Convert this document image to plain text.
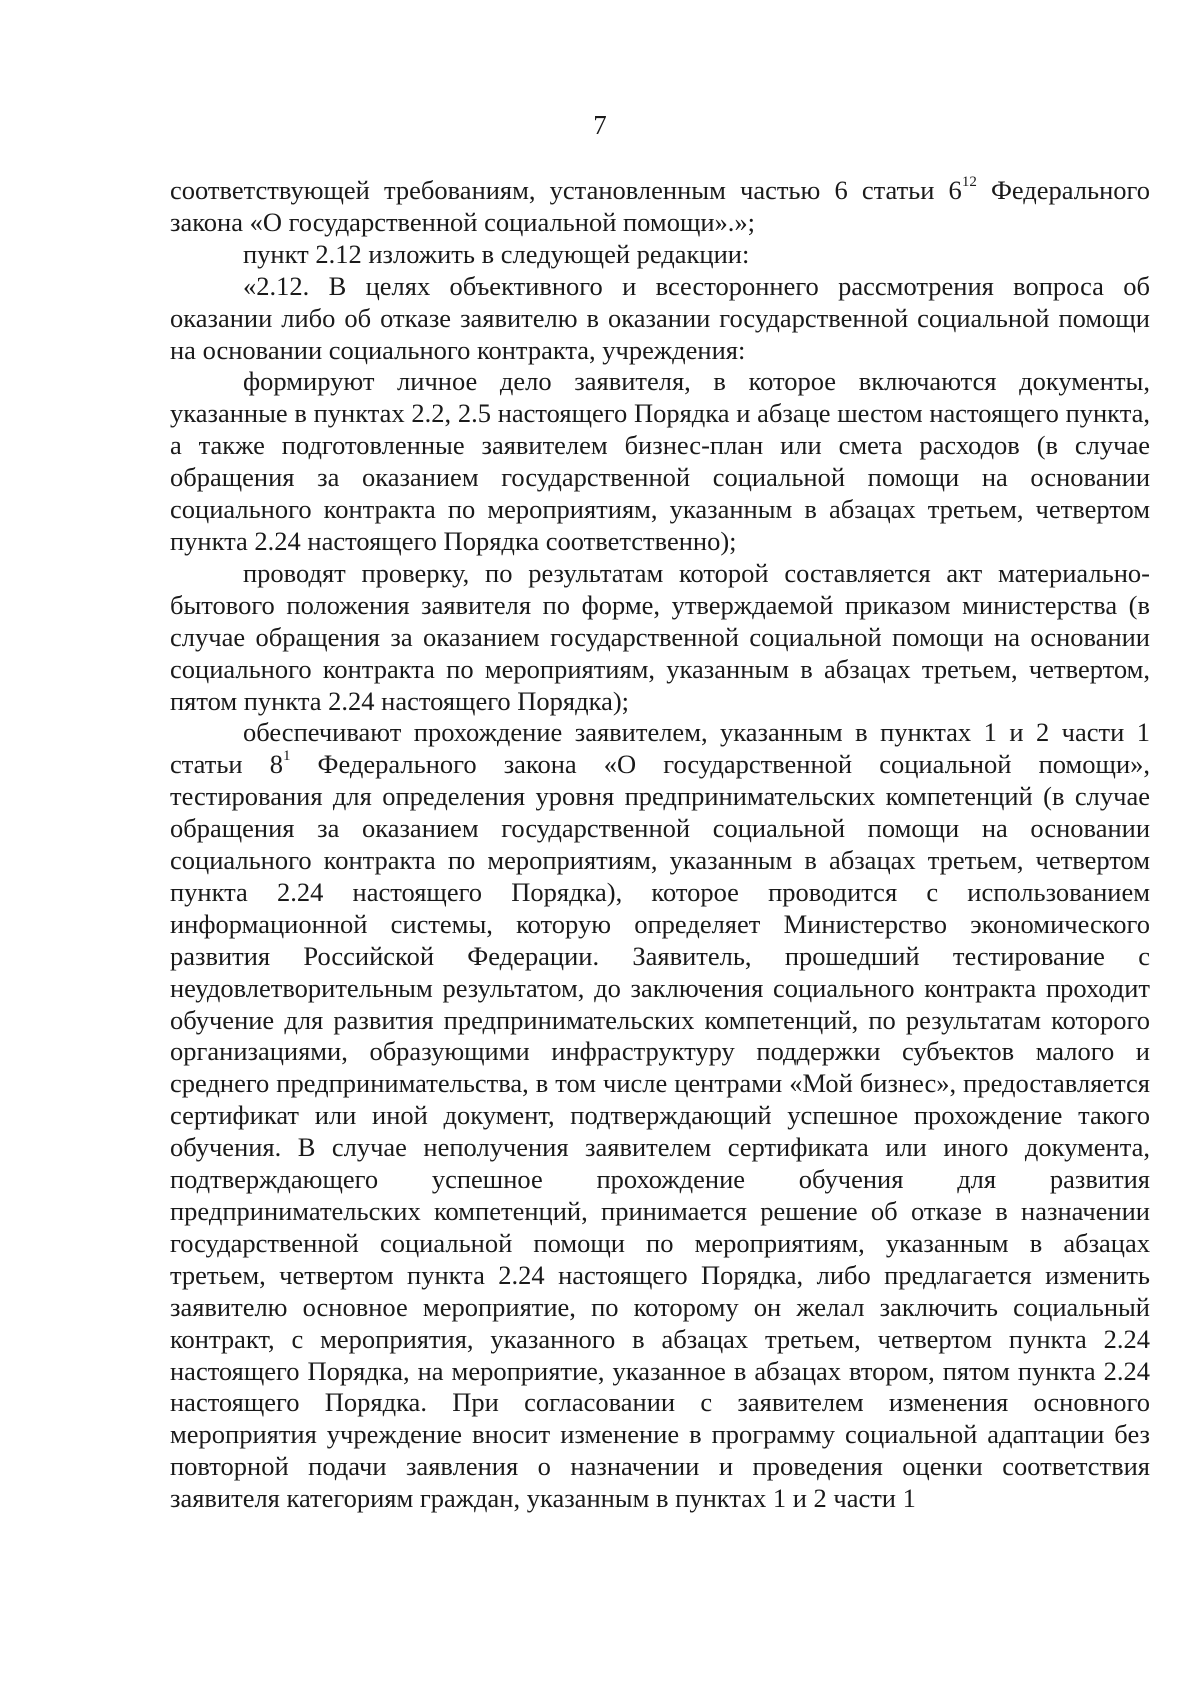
7

соответствующей требованиям, установленным частью 6 статьи $6^{12}$ Федерального закона «О государственной социальной помощи».»;

пункт 2.12 изложить в следующей редакции:

«2.12. В целях объективного и всестороннего рассмотрения вопроса об оказании либо об отказе заявителю в оказании государственной социальной помощи на основании социального контракта, учреждения:

формируют личное дело заявителя, в которое включаются документы, указанные в пунктах 2.2, 2.5 настоящего Порядка и абзаце шестом настоящего пункта, а также подготовленные заявителем бизнес-план или смета расходов (в случае обращения за оказанием государственной социальной помощи на основании социального контракта по мероприятиям, указанным в абзацах третьем, четвертом пункта 2.24 настоящего Порядка соответственно);

проводят проверку, по результатам которой составляется акт материально-бытового положения заявителя по форме, утверждаемой приказом министерства (в случае обращения за оказанием государственной социальной помощи на основании социального контракта по мероприятиям, указанным в абзацах третьем, четвертом, пятом пункта 2.24 настоящего Порядка);

обеспечивают прохождение заявителем, указанным в пунктах 1 и 2 части 1 статьи $8^1$ Федерального закона «О государственной социальной помощи», тестирования для определения уровня предпринимательских компетенций (в случае обращения за оказанием государственной социальной помощи на основании социального контракта по мероприятиям, указанным в абзацах третьем, четвертом пункта 2.24 настоящего Порядка), которое проводится с использованием информационной системы, которую определяет Министерство экономического развития Российской Федерации. Заявитель, прошедший тестирование с неудовлетворительным результатом, до заключения социального контракта проходит обучение для развития предпринимательских компетенций, по результатам которого организациями, образующими инфраструктуру поддержки субъектов малого и среднего предпринимательства, в том числе центрами «Мой бизнес», предоставляется сертификат или иной документ, подтверждающий успешное прохождение такого обучения. В случае неполучения заявителем сертификата или иного документа, подтверждающего успешное прохождение обучения для развития предпринимательских компетенций, принимается решение об отказе в назначении государственной социальной помощи по мероприятиям, указанным в абзацах третьем, четвертом пункта 2.24 настоящего Порядка, либо предлагается изменить заявителю основное мероприятие, по которому он желал заключить социальный контракт, с мероприятия, указанного в абзацах третьем, четвертом пункта 2.24 настоящего Порядка, на мероприятие, указанное в абзацах втором, пятом пункта 2.24 настоящего Порядка. При согласовании с заявителем изменения основного мероприятия учреждение вносит изменение в программу социальной адаптации без повторной подачи заявления о назначении и проведения оценки соответствия заявителя категориям граждан, указанным в пунктах 1 и 2 части 1
